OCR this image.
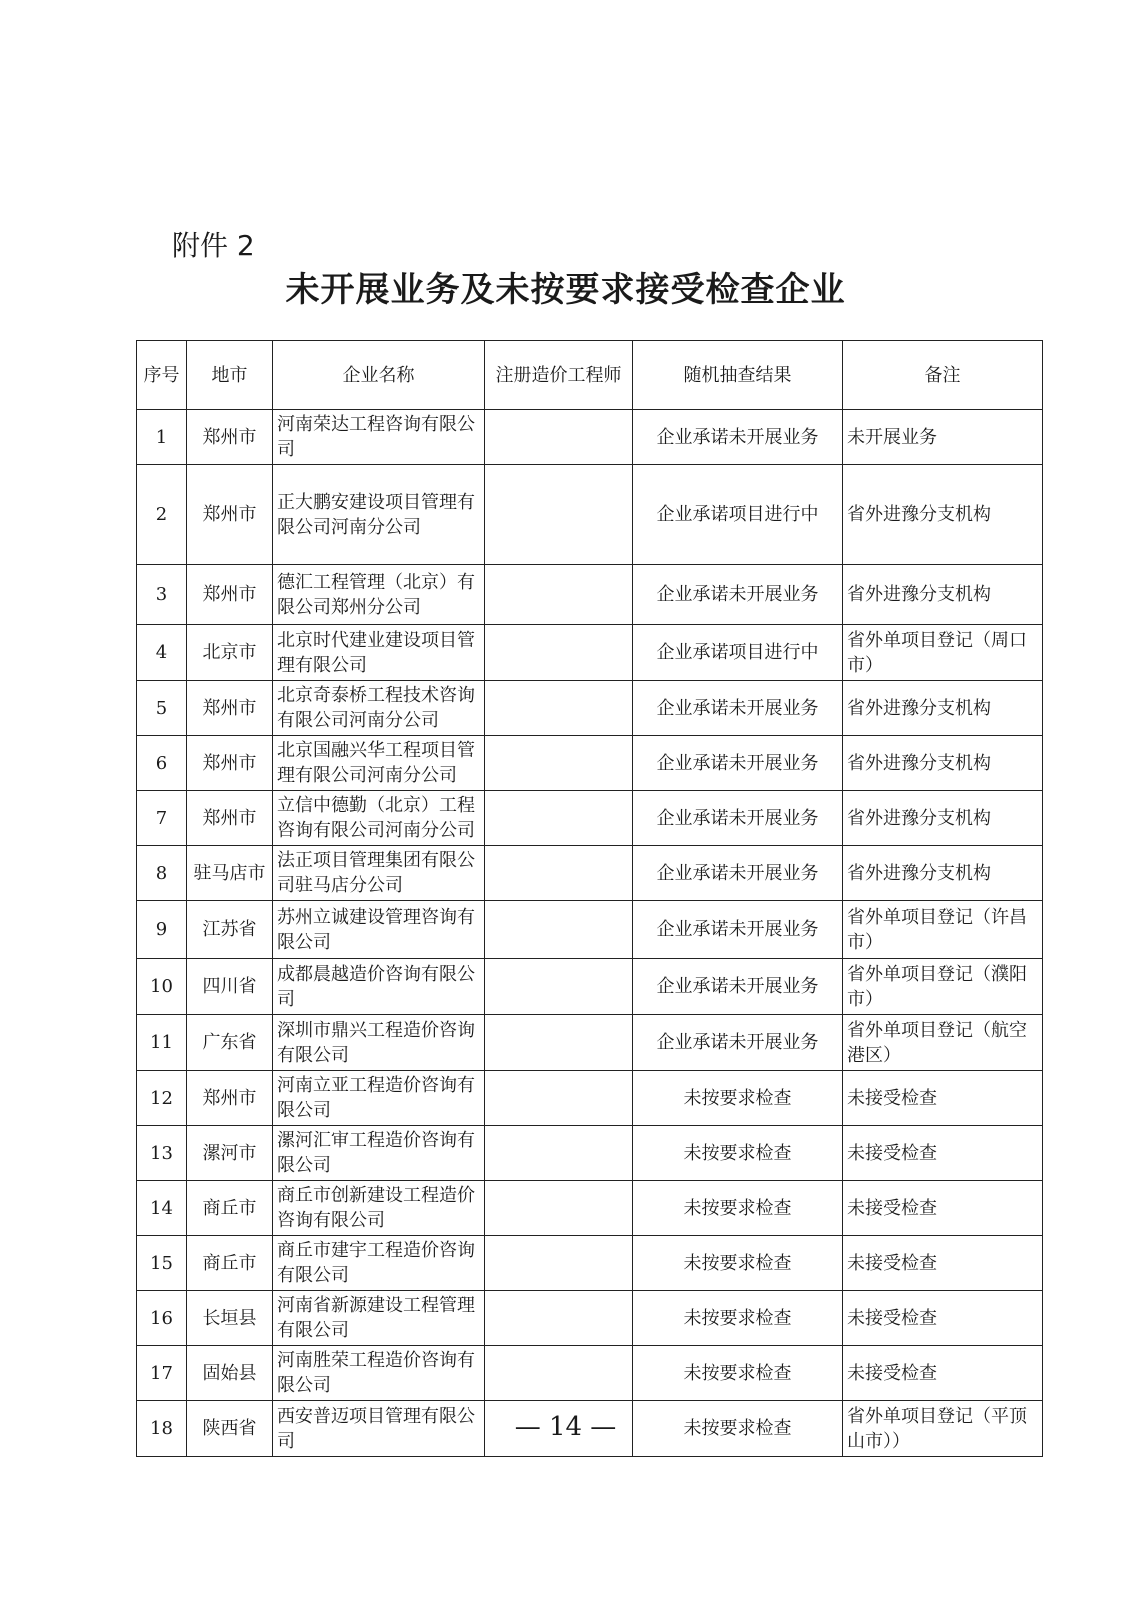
附件 2
未开展业务及未按要求接受检查企业
序号	地市	企业名称	注册造价工程师	随机抽查结果	备注
1	郑州市	河南荣达工程咨询有限公司		企业承诺未开展业务	未开展业务
2	郑州市	正大鹏安建设项目管理有限公司河南分公司		企业承诺项目进行中	省外进豫分支机构
3	郑州市	德汇工程管理（北京）有限公司郑州分公司		企业承诺未开展业务	省外进豫分支机构
4	北京市	北京时代建业建设项目管理有限公司		企业承诺项目进行中	省外单项目登记（周口市）
5	郑州市	北京奇泰桥工程技术咨询有限公司河南分公司		企业承诺未开展业务	省外进豫分支机构
6	郑州市	北京国融兴华工程项目管理有限公司河南分公司		企业承诺未开展业务	省外进豫分支机构
7	郑州市	立信中德勤（北京）工程咨询有限公司河南分公司		企业承诺未开展业务	省外进豫分支机构
8	驻马店市	法正项目管理集团有限公司驻马店分公司		企业承诺未开展业务	省外进豫分支机构
9	江苏省	苏州立诚建设管理咨询有限公司		企业承诺未开展业务	省外单项目登记（许昌市）
10	四川省	成都晨越造价咨询有限公司		企业承诺未开展业务	省外单项目登记（濮阳市）
11	广东省	深圳市鼎兴工程造价咨询有限公司		企业承诺未开展业务	省外单项目登记（航空港区）
12	郑州市	河南立亚工程造价咨询有限公司		未按要求检查	未接受检查
13	漯河市	漯河汇审工程造价咨询有限公司		未按要求检查	未接受检查
14	商丘市	商丘市创新建设工程造价咨询有限公司		未按要求检查	未接受检查
15	商丘市	商丘市建宇工程造价咨询有限公司		未按要求检查	未接受检查
16	长垣县	河南省新源建设工程管理有限公司		未按要求检查	未接受检查
17	固始县	河南胜荣工程造价咨询有限公司		未按要求检查	未接受检查
18	陕西省	西安普迈项目管理有限公司		未按要求检查	省外单项目登记（平顶山市））
— 14 —
